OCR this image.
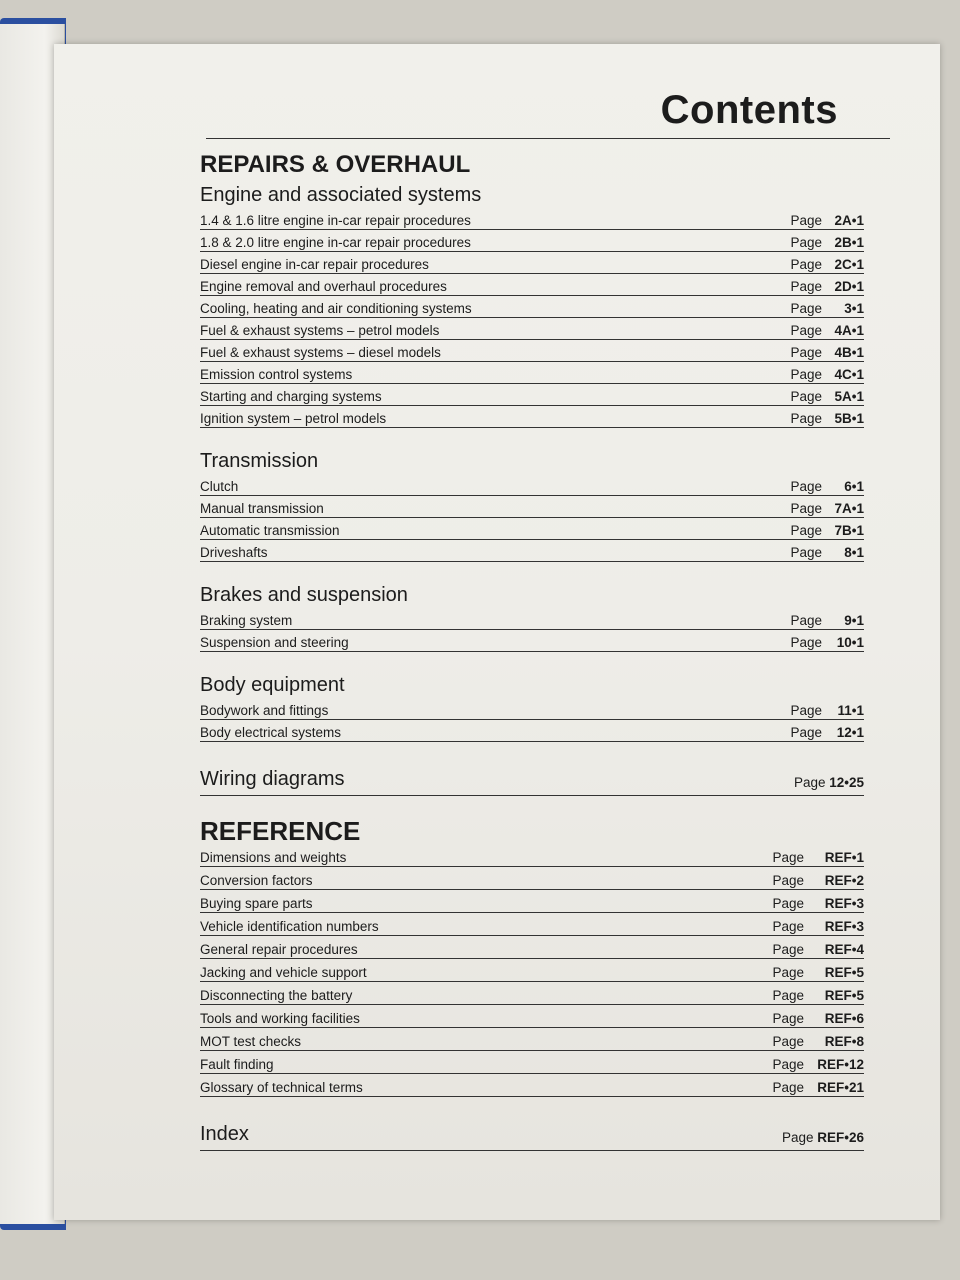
Contents
REPAIRS & OVERHAUL
Engine and associated systems
1.4 & 1.6 litre engine in-car repair procedures	Page 2A•1
1.8 & 2.0 litre engine in-car repair procedures	Page 2B•1
Diesel engine in-car repair procedures	Page 2C•1
Engine removal and overhaul procedures	Page 2D•1
Cooling, heating and air conditioning systems	Page	3•1
Fuel & exhaust systems – petrol models	Page 4A•1
Fuel & exhaust systems – diesel models	Page 4B•1
Emission control systems	Page 4C•1
Starting and charging systems	Page 5A•1
Ignition system – petrol models	Page 5B•1
Transmission
Clutch	Page	6•1
Manual transmission	Page 7A•1
Automatic transmission	Page 7B•1
Driveshafts	Page	8•1
Brakes and suspension
Braking system	Page	9•1
Suspension and steering	Page	10•1
Body equipment
Bodywork and fittings	Page	11•1
Body electrical systems	Page	12•1
Wiring diagrams	Page 12•25
REFERENCE
Dimensions and weights	Page	REF•1
Conversion factors	Page	REF•2
Buying spare parts	Page	REF•3
Vehicle identification numbers	Page	REF•3
General repair procedures	Page	REF•4
Jacking and vehicle support	Page	REF•5
Disconnecting the battery	Page	REF•5
Tools and working facilities	Page	REF•6
MOT test checks	Page	REF•8
Fault finding	Page REF•12
Glossary of technical terms	Page REF•21
Index	Page REF•26
